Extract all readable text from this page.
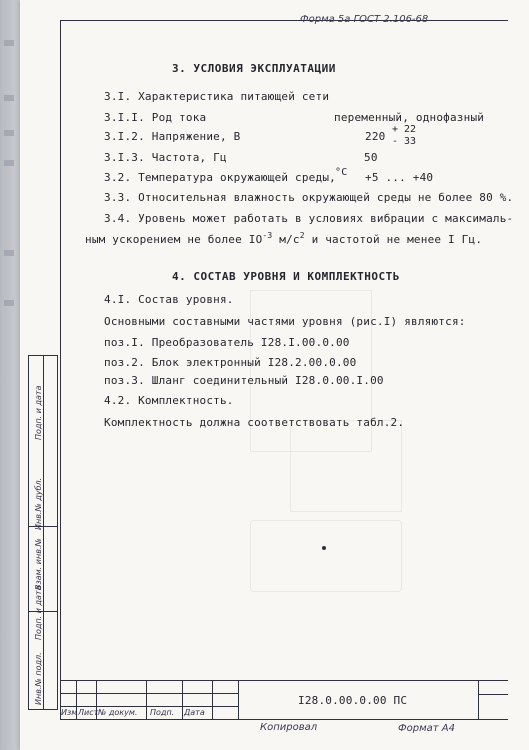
Форма 5а ГОСТ 2.106-68
3. УСЛОВИЯ ЭКСПЛУАТАЦИИ
3.I. Характеристика питающей сети
3.I.I. Род тока	переменный, однофазный
3.I.2. Напряжение, В	220
+ 22
- 33
3.I.3. Частота, Гц	50
3.2. Температура окружающей среды, °С +5 ... +40
3.3. Относительная влажность окружающей среды не более 80 %.
3.4. Уровень может работать в условиях вибрации с максималь-
ным ускорением не более $IO^{-3}$ $м/с^2$ и частотой не менее I Гц.
4. СОСТАВ УРОВНЯ И КОМПЛЕКТНОСТЬ
4.I. Состав уровня.
Основными составными частями уровня (рис.I) являются:
поз.I. Преобразователь I28.I.00.0.00
поз.2. Блок электронный I28.2.00.0.00
поз.3. Шланг соединительный I28.0.00.I.00
4.2. Комплектность.
Комплектность должна соответствовать табл.2.
Инв.№ подл.
Подп. и дата
Взам. инв.№
Инв.№ дубл.
Подп. и дата
Изм Лист № докум. Подп. Дата
I28.0.00.0.00 ПС
Копировал	Формат А4
